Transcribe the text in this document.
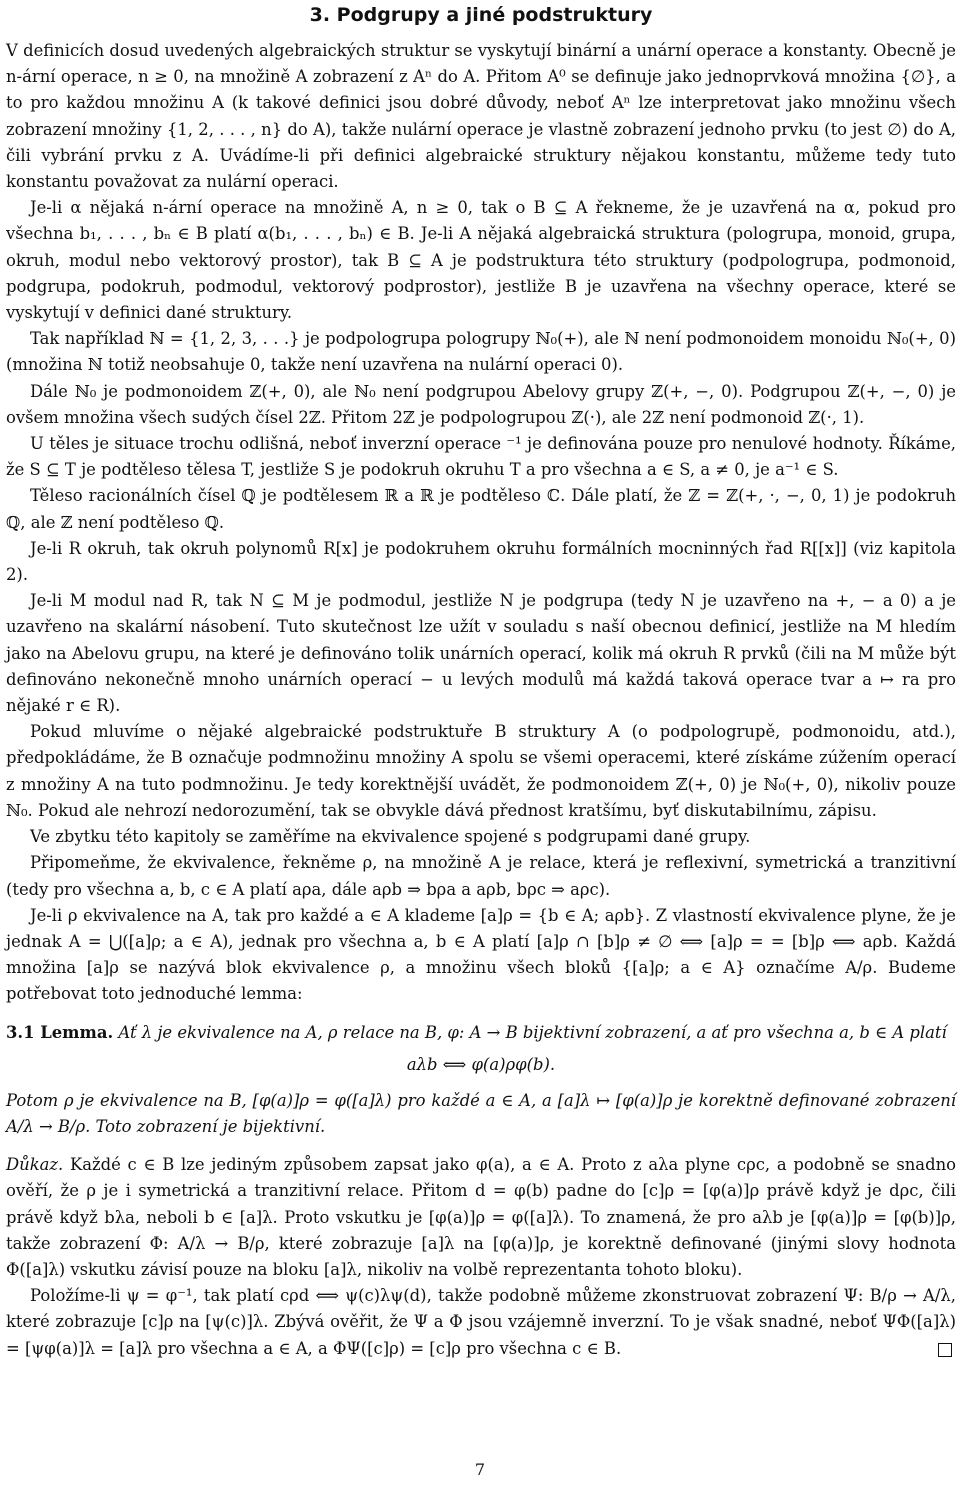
3. Podgrupy a jiné podstruktury

V definicích dosud uvedených algebraických struktur se vyskytují binární a unární operace a konstanty. Obecně je n-ární operace, n ≥ 0, na množině A zobrazení z Aⁿ do A. Přitom A⁰ se definuje jako jednoprvková množina {∅}, a to pro každou množinu A (k takové definici jsou dobré důvody, neboť Aⁿ lze interpretovat jako množinu všech zobrazení množiny {1, 2, . . . , n} do A), takže nulární operace je vlastně zobrazení jednoho prvku (to jest ∅) do A, čili vybrání prvku z A. Uvádíme-li při definici algebraické struktury nějakou konstantu, můžeme tedy tuto konstantu považovat za nulární operaci.

Je-li α nějaká n-ární operace na množině A, n ≥ 0, tak o B ⊆ A řekneme, že je uzavřená na α, pokud pro všechna b₁, . . . , bₙ ∈ B platí α(b₁, . . . , bₙ) ∈ B. Je-li A nějaká algebraická struktura (pologrupa, monoid, grupa, okruh, modul nebo vektorový prostor), tak B ⊆ A je podstruktura této struktury (podpologrupa, podmonoid, podgrupa, podokruh, podmodul, vektorový podprostor), jestliže B je uzavřena na všechny operace, které se vyskytují v definici dané struktury.

Tak například ℕ = {1, 2, 3, . . .} je podpologrupa pologrupy ℕ₀(+), ale ℕ není podmonoidem monoidu ℕ₀(+, 0) (množina ℕ totiž neobsahuje 0, takže není uzavřena na nulární operaci 0).

Dále ℕ₀ je podmonoidem ℤ(+, 0), ale ℕ₀ není podgrupou Abelovy grupy ℤ(+, −, 0). Podgrupou ℤ(+, −, 0) je ovšem množina všech sudých čísel 2ℤ. Přitom 2ℤ je podpologrupou ℤ(·), ale 2ℤ není podmonoid ℤ(·, 1).

U těles je situace trochu odlišná, neboť inverzní operace ⁻¹ je definována pouze pro nenulové hodnoty. Říkáme, že S ⊆ T je podtěleso tělesa T, jestliže S je podokruh okruhu T a pro všechna a ∈ S, a ≠ 0, je a⁻¹ ∈ S.

Těleso racionálních čísel ℚ je podtělesem ℝ a ℝ je podtěleso ℂ. Dále platí, že ℤ = ℤ(+, ·, −, 0, 1) je podokruh ℚ, ale ℤ není podtěleso ℚ.

Je-li R okruh, tak okruh polynomů R[x] je podokruhem okruhu formálních mocninných řad R[[x]] (viz kapitola 2).

Je-li M modul nad R, tak N ⊆ M je podmodul, jestliže N je podgrupa (tedy N je uzavřeno na +, − a 0) a je uzavřeno na skalární násobení. Tuto skutečnost lze užít v souladu s naší obecnou definicí, jestliže na M hledím jako na Abelovu grupu, na které je definováno tolik unárních operací, kolik má okruh R prvků (čili na M může být definováno nekonečně mnoho unárních operací − u levých modulů má každá taková operace tvar a ↦ ra pro nějaké r ∈ R).

Pokud mluvíme o nějaké algebraické podstruktuře B struktury A (o podpologrupě, podmonoidu, atd.), předpokládáme, že B označuje podmnožinu množiny A spolu se všemi operacemi, které získáme zúžením operací z množiny A na tuto podmnožinu. Je tedy korektnější uvádět, že podmonoidem ℤ(+, 0) je ℕ₀(+, 0), nikoliv pouze ℕ₀. Pokud ale nehrozí nedorozumění, tak se obvykle dává přednost kratšímu, byť diskutabilnímu, zápisu.

Ve zbytku této kapitoly se zaměříme na ekvivalence spojené s podgrupami dané grupy.

Připomeňme, že ekvivalence, řekněme ρ, na množině A je relace, která je reflexivní, symetrická a tranzitivní (tedy pro všechna a, b, c ∈ A platí aρa, dále aρb ⇒ bρa a aρb, bρc ⇒ aρc).

Je-li ρ ekvivalence na A, tak pro každé a ∈ A klademe [a]ρ = {b ∈ A; aρb}. Z vlastností ekvivalence plyne, že je jednak A = ⋃([a]ρ; a ∈ A), jednak pro všechna a, b ∈ A platí [a]ρ ∩ [b]ρ ≠ ∅ ⟺ [a]ρ = = [b]ρ ⟺ aρb. Každá množina [a]ρ se nazývá blok ekvivalence ρ, a množinu všech bloků {[a]ρ; a ∈ A} označíme A/ρ. Budeme potřebovat toto jednoduché lemma:

3.1 Lemma. Ať λ je ekvivalence na A, ρ relace na B, φ: A → B bijektivní zobrazení, a ať pro všechna a, b ∈ A platí

aλb ⟺ φ(a)ρφ(b).

Potom ρ je ekvivalence na B, [φ(a)]ρ = φ([a]λ) pro každé a ∈ A, a [a]λ ↦ [φ(a)]ρ je korektně definované zobrazení A/λ → B/ρ. Toto zobrazení je bijektivní.

Důkaz. Každé c ∈ B lze jediným způsobem zapsat jako φ(a), a ∈ A. Proto z aλa plyne cρc, a podobně se snadno ověří, že ρ je i symetrická a tranzitivní relace. Přitom d = φ(b) padne do [c]ρ = [φ(a)]ρ právě když je dρc, čili právě když bλa, neboli b ∈ [a]λ. Proto vskutku je [φ(a)]ρ = φ([a]λ). To znamená, že pro aλb je [φ(a)]ρ = [φ(b)]ρ, takže zobrazení Φ: A/λ → B/ρ, které zobrazuje [a]λ na [φ(a)]ρ, je korektně definované (jinými slovy hodnota Φ([a]λ) vskutku závisí pouze na bloku [a]λ, nikoliv na volbě reprezentanta tohoto bloku).

Položíme-li ψ = φ⁻¹, tak platí cρd ⟺ ψ(c)λψ(d), takže podobně můžeme zkonstruovat zobrazení Ψ: B/ρ → A/λ, které zobrazuje [c]ρ na [ψ(c)]λ. Zbývá ověřit, že Ψ a Φ jsou vzájemně inverzní. To je však snadné, neboť ΨΦ([a]λ) = [ψφ(a)]λ = [a]λ pro všechna a ∈ A, a ΦΨ([c]ρ) = [c]ρ pro všechna c ∈ B.

7
